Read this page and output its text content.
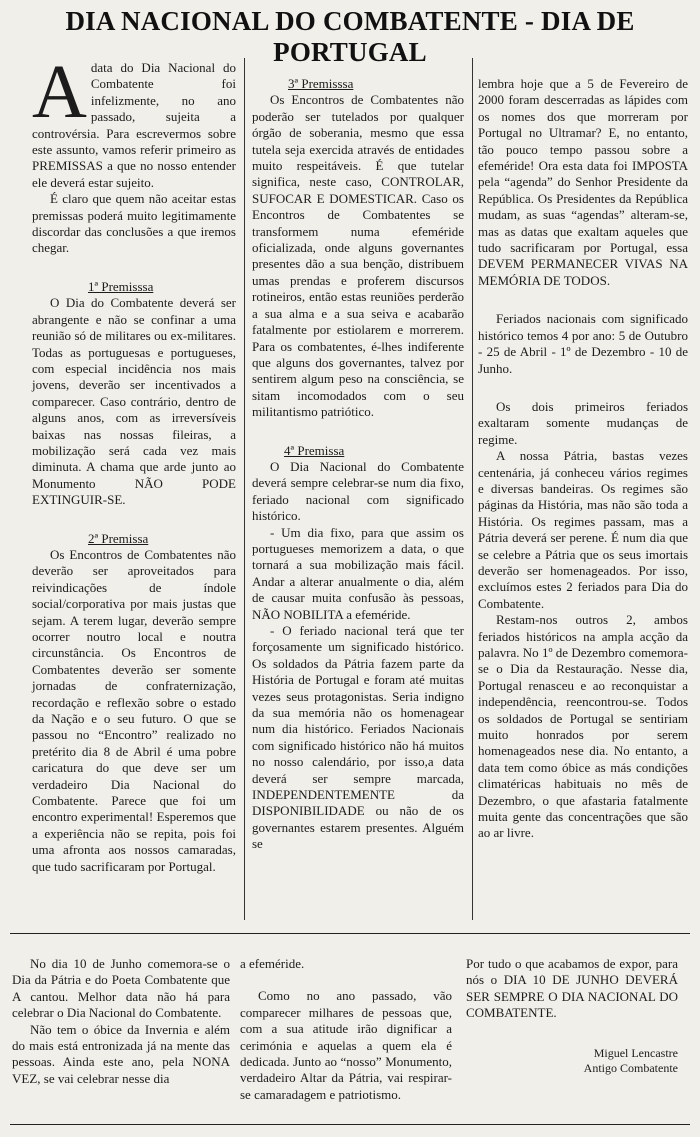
DIA NACIONAL DO COMBATENTE - DIA DE PORTUGAL

Adata do Dia Nacional do Combatente foi infelizmente, no ano passado, sujeita a controvérsia. Para escrevermos sobre este assunto, vamos referir primeiro as PREMISSAS a que no nosso entender ele deverá estar sujeito.

É claro que quem não aceitar estas premissas poderá muito legitimamente discordar das conclusões a que iremos chegar.

1ª Premisssa

O Dia do Combatente deverá ser abrangente e não se confinar a uma reunião só de militares ou ex-militares. Todas as portuguesas e portugueses, com especial incidência nos mais jovens, deverão ser incentivados a comparecer. Caso contrário, dentro de alguns anos, com as irreversíveis baixas nas nossas fileiras, a mobilização será cada vez mais diminuta. A chama que arde junto ao Monumento NÃO PODE EXTINGUIR-SE.

2ª Premissa

Os Encontros de Combatentes não deverão ser aproveitados para reivindicações de índole social/corporativa por mais justas que sejam. A terem lugar, deverão sempre ocorrer noutro local e noutra circunstância. Os Encontros de Combatentes deverão ser somente jornadas de confraternização, recordação e reflexão sobre o estado da Nação e o seu futuro. O que se passou no “Encontro” realizado no pretérito dia 8 de Abril é uma pobre caricatura do que deve ser um verdadeiro Dia Nacional do Combatente. Parece que foi um encontro experimental! Esperemos que a experiência não se repita, pois foi uma afronta aos nossos camaradas, que tudo sacrificaram por Portugal.

3ª Premisssa

Os Encontros de Combatentes não poderão ser tutelados por qualquer órgão de soberania, mesmo que essa tutela seja exercida através de entidades muito respeitáveis. É que tutelar significa, neste caso, CONTROLAR, SUFOCAR E DOMESTICAR. Caso os Encontros de Combatentes se transformem numa efeméride oficializada, onde alguns governantes presentes dão a sua benção, distribuem umas prendas e proferem discursos rotineiros, então estas reuniões perderão a sua alma e a sua seiva e acabarão fatalmente por estiolarem e morrerem. Para os combatentes, é-lhes indiferente que alguns dos governantes, talvez por sentirem algum peso na consciência, se sitam incomodados com o seu militantismo patriótico.

4ª Premissa

O Dia Nacional do Combatente deverá sempre celebrar-se num dia fixo, feriado nacional com significado histórico.

- Um dia fixo, para que assim os portugueses memorizem a data, o que tornará a sua mobilização mais fácil. Andar a alterar anualmente o dia, além de causar muita confusão às pessoas, NÃO NOBILITA a efeméride.

- O feriado nacional terá que ter forçosamente um significado histórico. Os soldados da Pátria fazem parte da História de Portugal e foram até muitas vezes seus protagonistas. Seria indigno da sua memória não os homenagear num dia histórico. Feriados Nacionais com significado histórico não há muitos no nosso calendário, por isso,a data deverá ser sempre marcada, INDEPENDENTEMENTE da DISPONIBILIDADE ou não de os governantes estarem presentes. Alguém se

lembra hoje que a 5 de Fevereiro de 2000 foram descerradas as lápides com os nomes dos que morreram por Portugal no Ultramar? E, no entanto, tão pouco tempo passou sobre a efeméride! Ora esta data foi IMPOSTA pela “agenda” do Senhor Presidente da República. Os Presidentes da República mudam, as suas “agendas” alteram-se, mas as datas que exaltam aqueles que tudo sacrificaram por Portugal, essa DEVEM PERMANECER VIVAS NA MEMÓRIA DE TODOS.

Feriados nacionais com significado histórico temos 4 por ano: 5 de Outubro - 25 de Abril - 1º de Dezembro - 10 de Junho.

Os dois primeiros feriados exaltaram somente mudanças de regime.

A nossa Pátria, bastas vezes centenária, já conheceu vários regimes e diversas bandeiras. Os regimes são páginas da História, mas não são toda a História. Os regimes passam, mas a Pátria deverá ser perene. É num dia que se celebre a Pátria que os seus imortais deverão ser homenageados. Por isso, excluímos estes 2 feriados para Dia do Combatente.

Restam-nos outros 2, ambos feriados históricos na ampla acção da palavra. No 1º de Dezembro comemora-se o Dia da Restauração. Nesse dia, Portugal renasceu e ao reconquistar a independência, reencontrou-se. Todos os soldados de Portugal se sentiriam muito honrados por serem homenageados nese dia. No entanto, a data tem como óbice as más condições climatéricas habituais no mês de Dezembro, o que afastaria fatalmente muita gente das concentrações que são ao ar livre.

No dia 10 de Junho comemora-se o Dia da Pátria e do Poeta Combatente que A cantou. Melhor data não há para celebrar o Dia Nacional do Combatente.

Não tem o óbice da Invernia e além do mais está entronizada já na mente das pessoas. Ainda este ano, pela NONA VEZ, se vai celebrar nesse dia

a efeméride.

Como no ano passado, vão comparecer milhares de pessoas que, com a sua atitude irão dignificar a cerimónia e aquelas a quem ela é dedicada. Junto ao “nosso” Monumento, verdadeiro Altar da Pátria, vai respirar-se camaradagem e patriotismo.

Por tudo o que acabamos de expor, para nós o DIA 10 DE JUNHO DEVERÁ SER SEMPRE O DIA NACIONAL DO COMBATENTE.

Miguel Lencastre
Antigo Combatente
